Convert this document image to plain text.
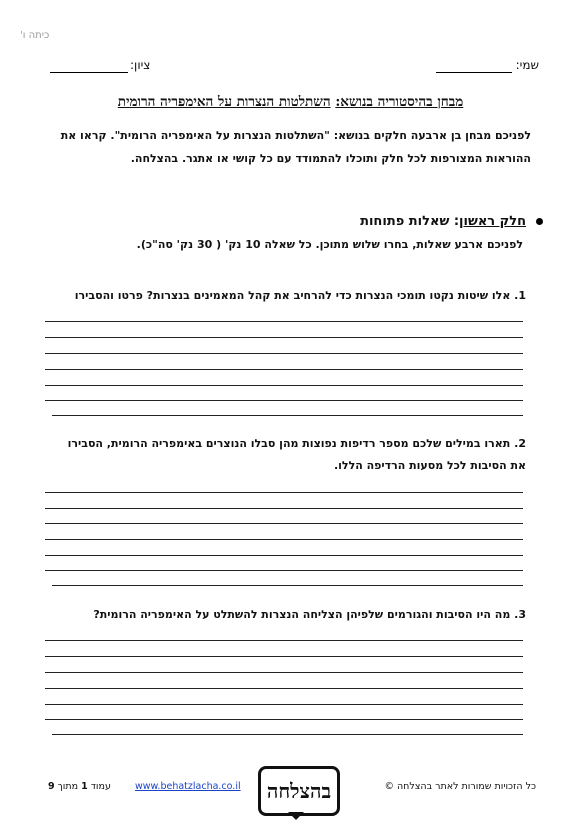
כיתה ו'
שמי:
ציון:
מבחן בהיסטוריה בנושא: השתלטות הנצרות על האימפריה הרומית
לפניכם מבחן בן ארבעה חלקים בנושא: "השתלטות הנצרות על האימפריה הרומית". קראו את
ההוראות המצורפות לכל חלק ותוכלו להתמודד עם כל קושי או אתגר. בהצלחה.
חלק ראשון: שאלות פתוחות
לפניכם ארבע שאלות, בחרו שלוש מתוכן. כל שאלה 10 נק' ( 30 נק' סה"כ).
1. אלו שיטות נקטו תומכי הנצרות כדי להרחיב את קהל המאמינים בנצרות? פרטו והסבירו
2. תארו במילים שלכם מספר רדיפות נפוצות מהן סבלו הנוצרים באימפריה הרומית, הסבירו
את הסיבות לכל מסעות הרדיפה הללו.
3. מה היו הסיבות והגורמים שלפיהן הצליחה הנצרות להשתלט על האימפריה הרומית?
כל הזכויות שמורות לאתר בהצלחה ©
בהצלחה
www.behatzlacha.co.il
עמוד 1 מתוך 9
